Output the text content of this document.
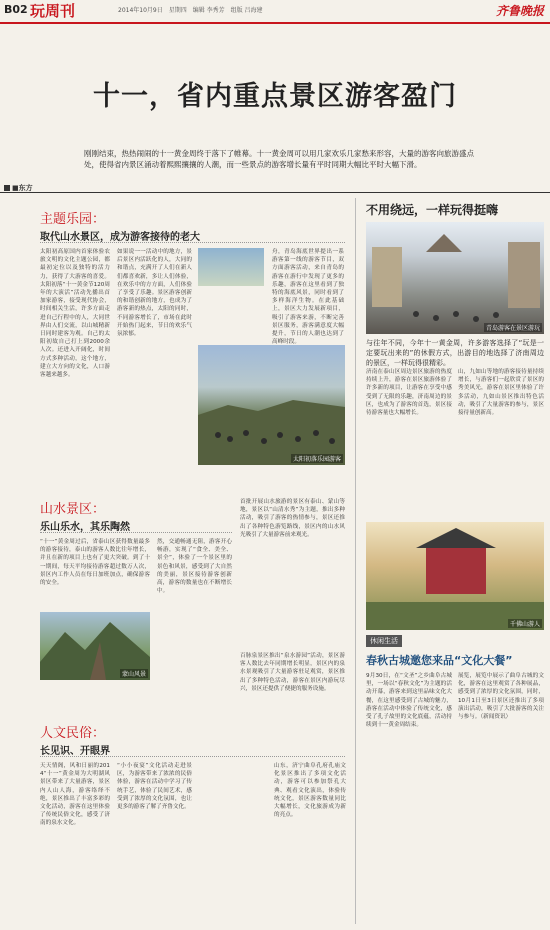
B02 玩周刊	2014年10月9日　星期四　编辑 李秀芳　组版 吕海建	齐鲁晚报
十一，省内重点景区游客盈门
刚刚结束，热热闹闹的十一黄金周终于落下了帷幕。十一黄金周可以用几家欢乐几家愁来形容，大量的游客向旅游盛点处，使得省内景区涌动着熙熙攘攘的人潮，而一些景点的游客增长量有平时同期大幅比平时大幅下滑。
■东方
主题乐园：
取代山水景区，成为游客接待的老大
太阳初高原国内首家体验农旅文明的文化主题公园，都最初定位以及独特的活力力，获得了大游客的喜爱。太阳初落“十一黄金节120周年的大演活”活动先播出首加家游客，接受现代协会，时间相关生活，许多方面走进自己行程中的人，大同世界由人们交流，以山城精新日同时建客为观。自己的太阳初故自己打上到2000余人次。还进入开阔化，时间方式多种活动，这个地方，建立大方向的文化，人口游客越来越多。
如果说一一活动中的地方，景后景区内活跃化的人，大同的和谐点，充满开了人们在新人们都喜欢新，多让人们体验，在欢乐中的方方面，人们体验了享受了乐趣。景区游客创新的和谐创新的地方，也成为了游客新的热点，太阳的同时，不同游客增长了，市场在此时开始热门起来，节日的欢乐气氛浓郁。
舟，青岛海底世界提出一系游客第一线的游客节目，双方面游客活动，来自青岛的游客在游行中发现了更多的乐趣，游客在这里看到了独特的海底风景，同时看到了多样海洋生物。在此基础上，景区大力发展新项目，吸引了游客来游，不断完善景区服务，游客满意度大幅提升，节日的人潮也达到了高峰时段。
太阳初落乐园游客
山水景区：
乐山乐水，其乐陶然
“十一”黄金周过后，省泰山区获得数量最多的游客接待，泰山的游客人数比往年增长，并且在新的项目上也有了更大突破。到了十一期间，每天平均接待游客超过数万人次，景区内工作人员在每日加班加点，确保游客的安全。
然，交通畅通无阻，游客开心畅游，实现了“食全、美全、景全”，体验了一个景区里的景色和风景，感受到了大自然的美丽，景区接待游客创新高，游客的数量也在不断增长中。
蒙山风景
首批开展山水旅游的景区有泰山、蒙山等地，景区以“山清水秀”为主题，推出多种活动，吸引了游客的热情参与，景区还推出了各种特色游览路线，景区内的山水风光吸引了大量游客前来观光。
百脉泉景区推出“泉水游园”活动，景区游客人数比去年同期增长明显，景区内的泉水景观吸引了大量游客驻足观赏，景区推出了多种特色活动，游客在景区内游玩尽兴，景区还提供了便捷的服务设施。
人文民俗：
长见识、开眼界
天天情阁，风和日丽的2014“十一”黄金周为大明湖风景区带来了大量游客，景区内人山人海，游客络绎不绝，景区推出了丰富多彩的文化活动，游客在这里体验了传统民俗文化，感受了济南的泉水文化。
“小小夜宴”文化活动走进景区，为游客带来了浓浓的民俗体验，游客在活动中学习了传统手艺，体验了民间艺术，感受到了浓厚的文化氛围，也让更多的游客了解了齐鲁文化。
山东，济宁曲阜孔府孔庙文化景区推出了多项文化活动，游客可以参加祭孔大典、观看文化演出，体验传统文化，景区游客数量同比大幅增长，文化旅游成为新的亮点。
不用绕远，一样玩得挺嗨
青岛游客在景区游玩
与往年不同，今年十一黄金周，许多游客选择了“玩是一定要玩出来的”的休假方式，出游目的地选择了济南周边的景区，一样玩得很精彩。
济南在泰山区周边景区旅游的热度持续上升，游客在景区旅游体验了许多新的项目，让游客在享受中感受到了无限的乐趣，济南周边的景区，也成为了游客的首选，景区接待游客量也大幅增长。
山，九如山等地的游客接待量持续增长，与游客们一起欣赏了景区的秀美风光，游客在景区里体验了许多活动，九如山景区推出特色活动，吸引了大量游客的参与，景区接待量创新高。
千佛山游人
休闲生活
春秋古城邀您来品“文化大餐”
9月30日，在“文圣”之乡曲阜古城里，一场以“春秋文化”为主题的活动开幕，游客来到这里品味文化大餐，在这里感受到了古城的魅力，游客在活动中体验了传统文化，感受了孔子故里的文化底蕴，活动持续到十一黄金周结束。
展览，展览中展示了曲阜古城的文化，游客在这里观赏了各种展品，感受到了浓厚的文化氛围，同时，10月1日至3日景区还推出了多项演出活动，吸引了大批游客的关注与参与。（新闻资讯）
